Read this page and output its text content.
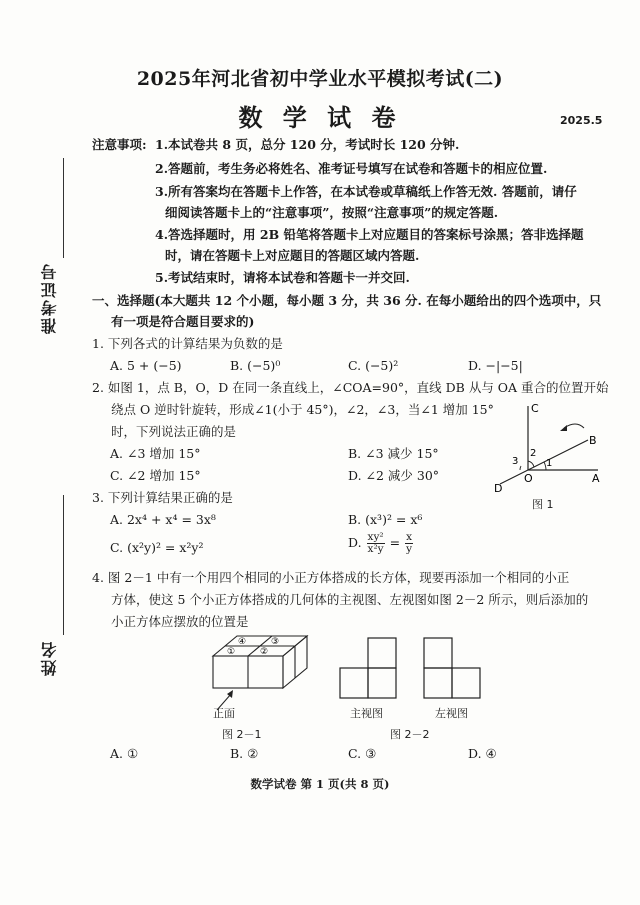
准考证号
姓名
2025年河北省初中学业水平模拟考试(二)
数 学 试 卷	2025.5
注意事项: 1.本试卷共 8 页，总分 120 分，考试时长 120 分钟.
2.答题前，考生务必将姓名、准考证号填写在试卷和答题卡的相应位置.
3.所有答案均在答题卡上作答，在本试卷或草稿纸上作答无效. 答题前，请仔
细阅读答题卡上的“注意事项”，按照“注意事项”的规定答题.
4.答选择题时，用 2B 铅笔将答题卡上对应题目的答案标号涂黑；答非选择题
时，请在答题卡上对应题目的答题区域内答题.
5.考试结束时，请将本试卷和答题卡一并交回.
一、选择题(本大题共 12 个小题，每小题 3 分，共 36 分. 在每小题给出的四个选项中，只
有一项是符合题目要求的)
1. 下列各式的计算结果为负数的是
A. 5 + (−5)	B. (−5)⁰	C. (−5)²	D. −|−5|
2. 如图 1，点 B，O，D 在同一条直线上，∠COA=90°，直线 DB 从与 OA 重合的位置开始
绕点 O 逆时针旋转，形成∠1(小于 45°)，∠2，∠3，当∠1 增加 15°
时，下列说法正确的是
A. ∠3 增加 15°	B. ∠3 减少 15°
C. ∠2 增加 15°	D. ∠2 减少 30°
C
B
2
1
3
O	A
D
图 1
3. 下列计算结果正确的是
A. 2x⁴ + x⁴ = 3x⁸	B. (x³)² = x⁶
C. (x²y)² = x²y²	D. $\frac{\text{xy²}}{\text{x²y}} = \frac{x}{y}$
4. 图 2－1 中有一个用四个相同的小正方体搭成的长方体，现要再添加一个相同的小正
方体，使这 5 个小正方体搭成的几何体的主视图、左视图如图 2－2 所示，则后添加的
小正方体应摆放的位置是
④	③
①	②
正面
图 2－1
主视图	左视图
图 2－2
A. ①	B. ②	C. ③	D. ④
数学试卷 第 1 页(共 8 页)
